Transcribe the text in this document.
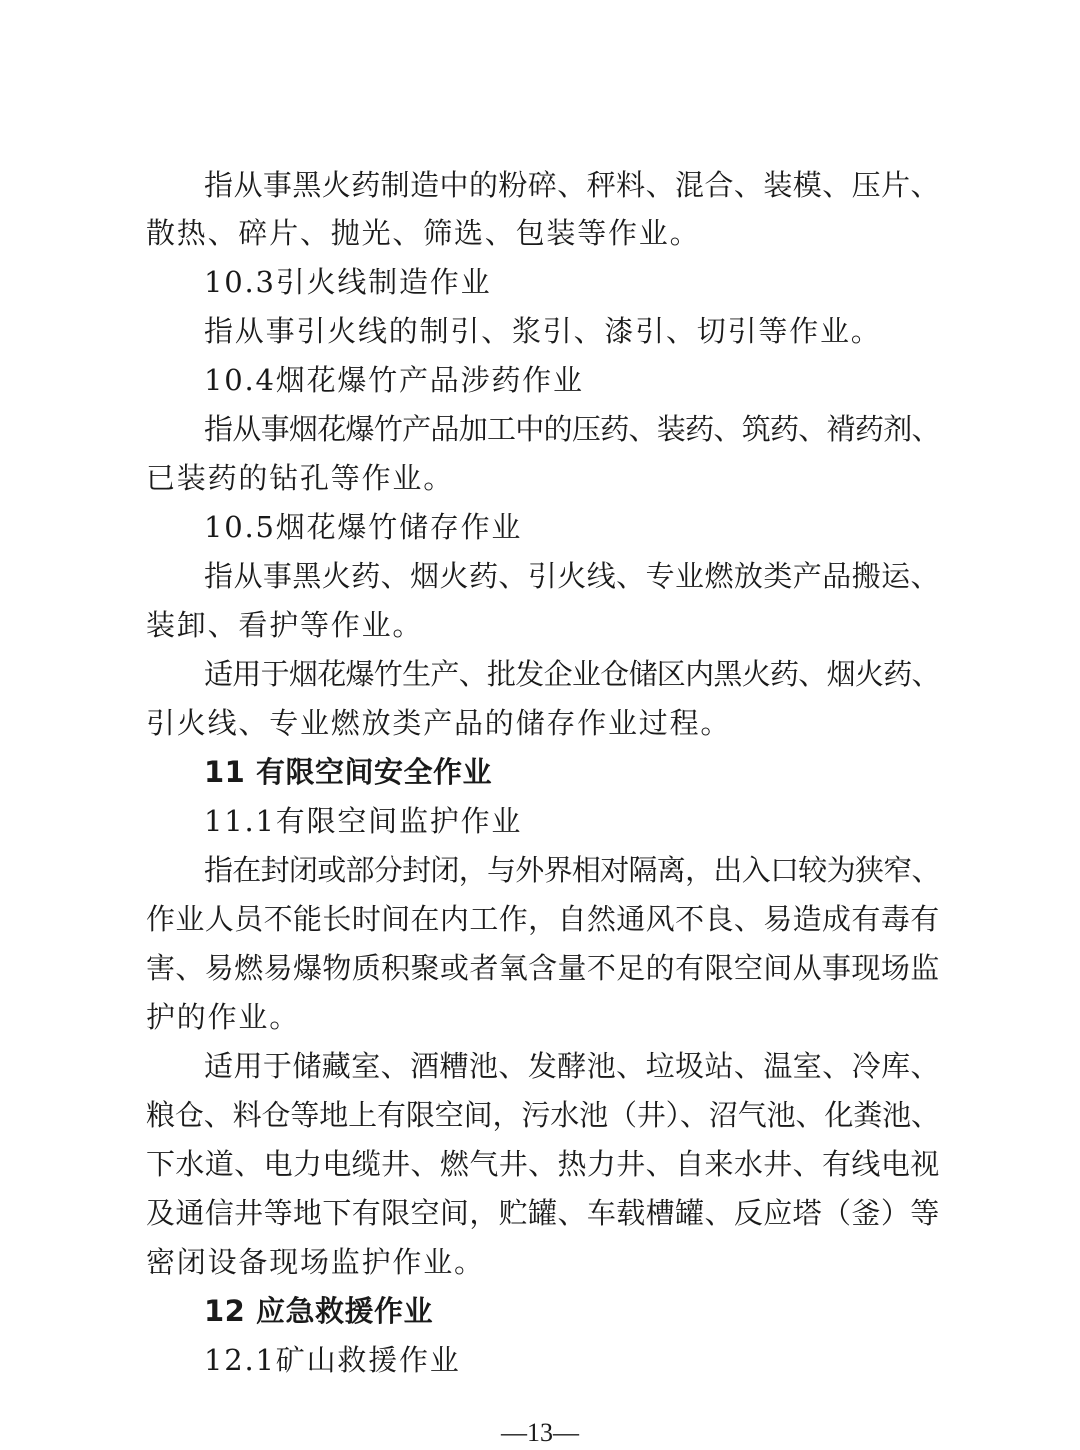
指从事黑火药制造中的粉碎、秤料、混合、装模、压片、
散热、碎片、抛光、筛选、包装等作业。
10.3引火线制造作业
指从事引火线的制引、浆引、漆引、切引等作业。
10.4烟花爆竹产品涉药作业
指从事烟花爆竹产品加工中的压药、装药、筑药、褙药剂、
已装药的钻孔等作业。
10.5烟花爆竹储存作业
指从事黑火药、烟火药、引火线、专业燃放类产品搬运、
装卸、看护等作业。
适用于烟花爆竹生产、批发企业仓储区内黑火药、烟火药、
引火线、专业燃放类产品的储存作业过程。
11 有限空间安全作业
11.1有限空间监护作业
指在封闭或部分封闭，与外界相对隔离，出入口较为狭窄、
作业人员不能长时间在内工作，自然通风不良、易造成有毒有
害、易燃易爆物质积聚或者氧含量不足的有限空间从事现场监
护的作业。
适用于储藏室、酒糟池、发酵池、垃圾站、温室、冷库、
粮仓、料仓等地上有限空间，污水池（井）、沼气池、化粪池、
下水道、电力电缆井、燃气井、热力井、自来水井、有线电视
及通信井等地下有限空间，贮罐、车载槽罐、反应塔（釜）等
密闭设备现场监护作业。
12 应急救援作业
12.1矿山救援作业
—13—
